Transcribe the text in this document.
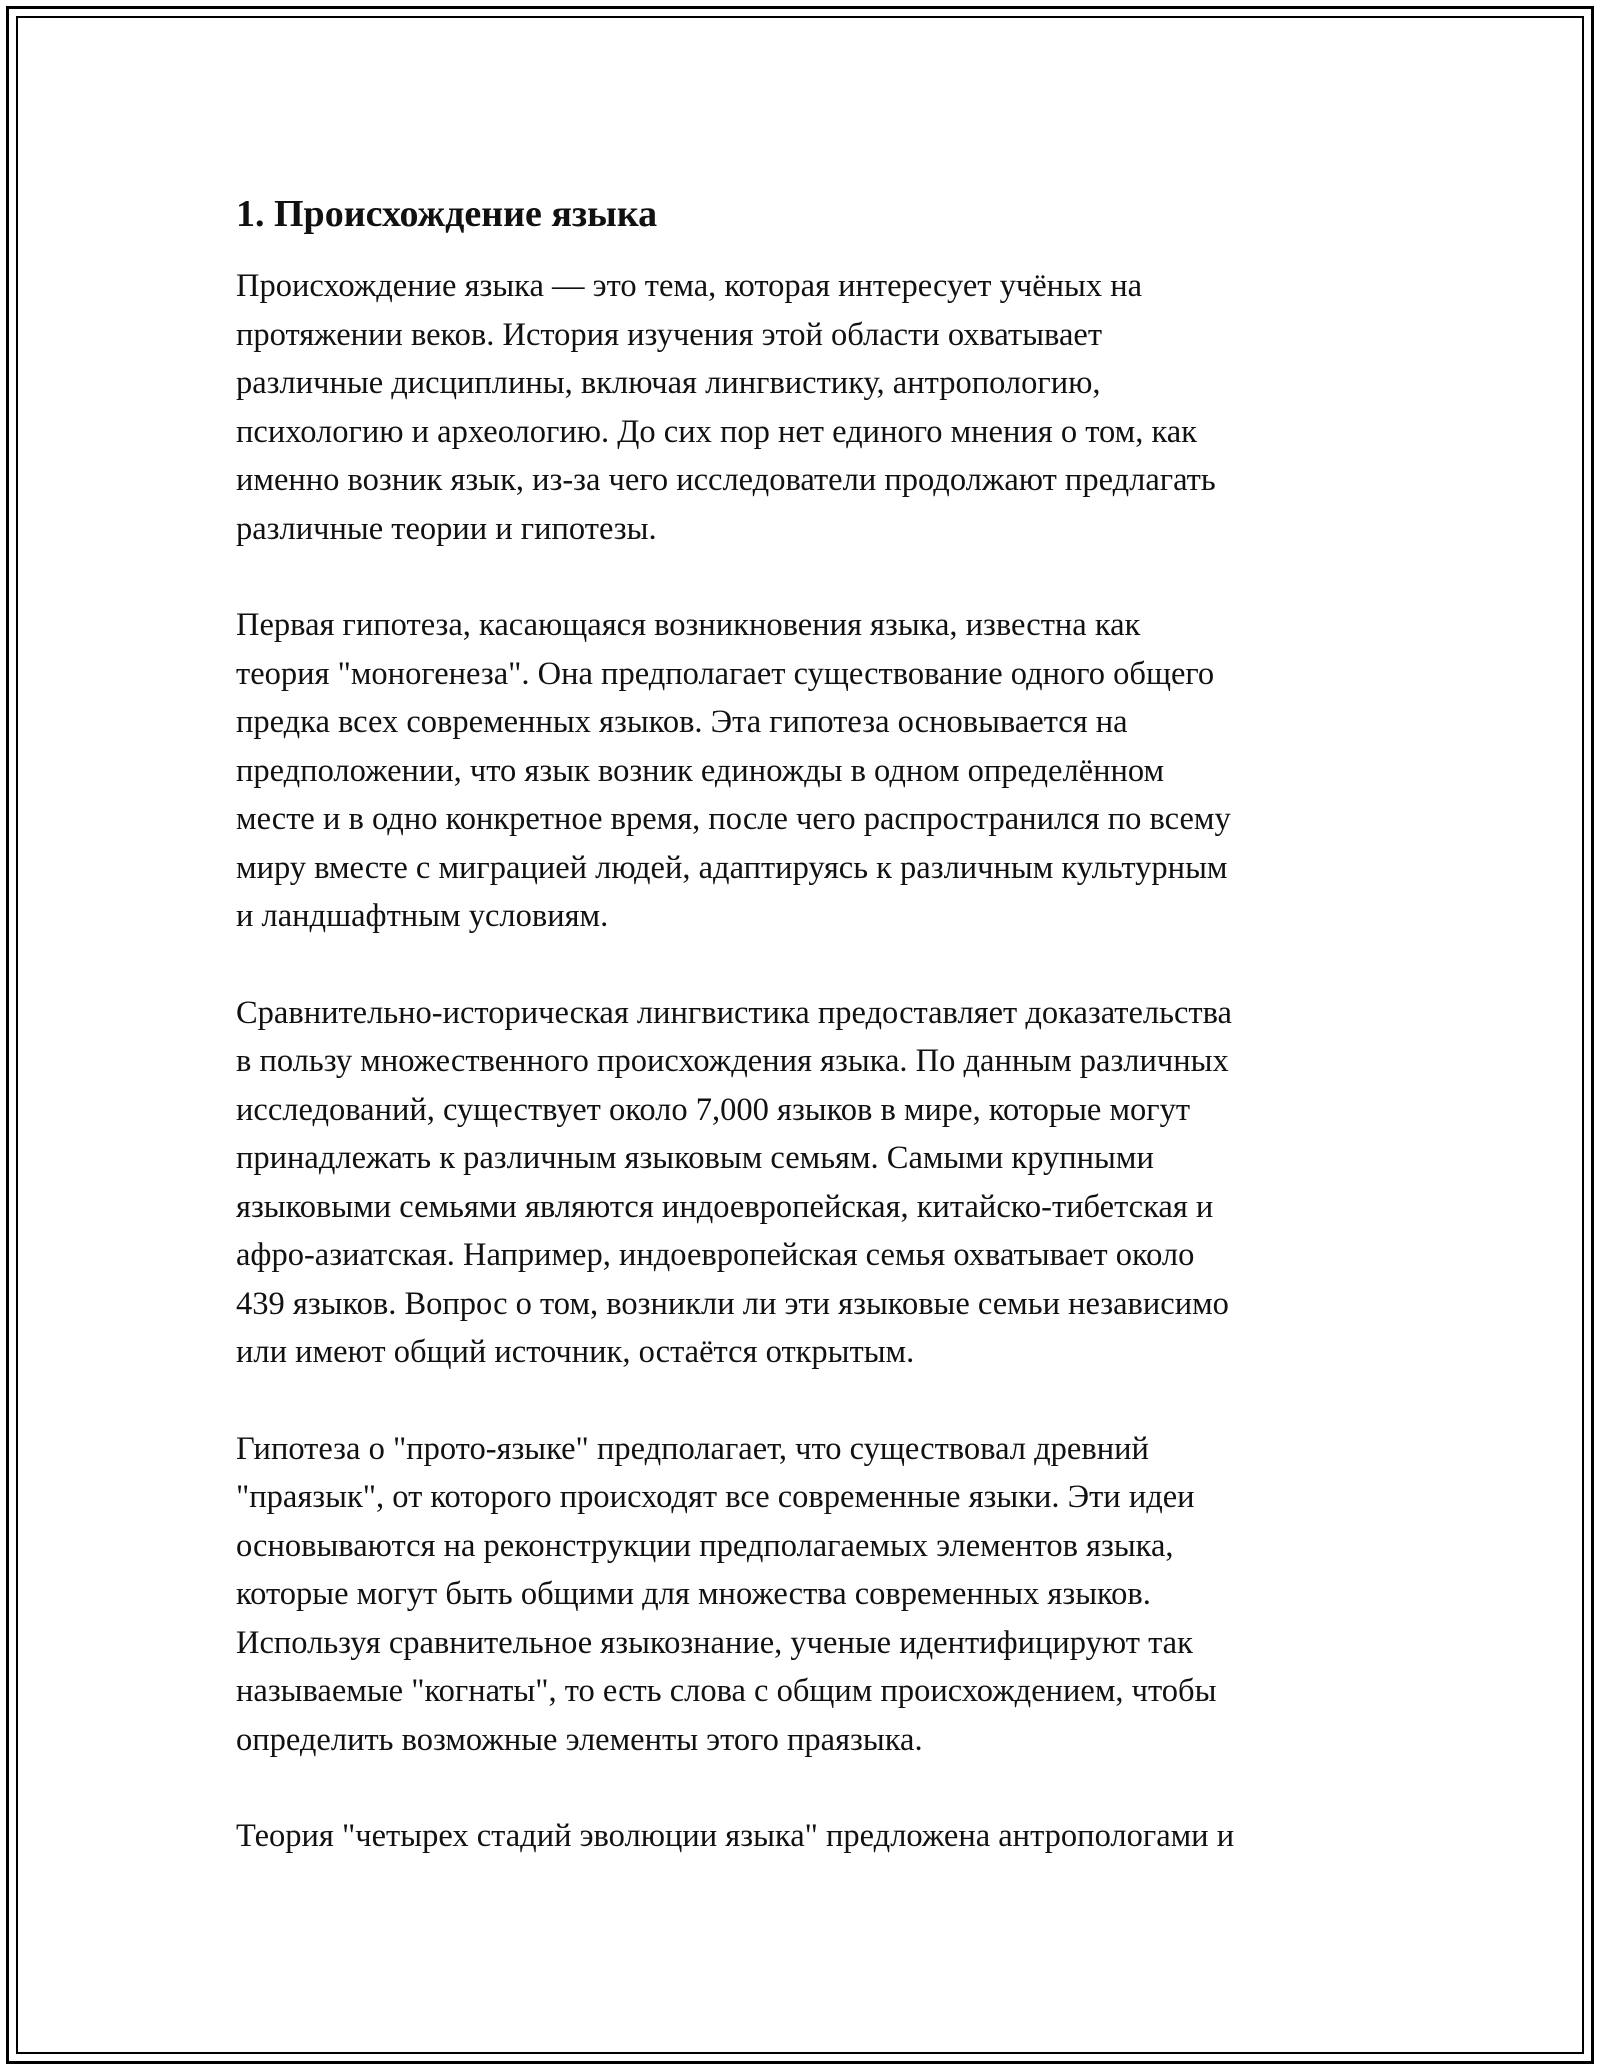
1. Происхождение языка

Происхождение языка — это тема, которая интересует учёных на
протяжении веков. История изучения этой области охватывает
различные дисциплины, включая лингвистику, антропологию,
психологию и археологию. До сих пор нет единого мнения о том, как
именно возник язык, из-за чего исследователи продолжают предлагать
различные теории и гипотезы.

Первая гипотеза, касающаяся возникновения языка, известна как
теория "моногенеза". Она предполагает существование одного общего
предка всех современных языков. Эта гипотеза основывается на
предположении, что язык возник единожды в одном определённом
месте и в одно конкретное время, после чего распространился по всему
миру вместе с миграцией людей, адаптируясь к различным культурным
и ландшафтным условиям.

Сравнительно-историческая лингвистика предоставляет доказательства
в пользу множественного происхождения языка. По данным различных
исследований, существует около 7,000 языков в мире, которые могут
принадлежать к различным языковым семьям. Самыми крупными
языковыми семьями являются индоевропейская, китайско-тибетская и
афро-азиатская. Например, индоевропейская семья охватывает около
439 языков. Вопрос о том, возникли ли эти языковые семьи независимо
или имеют общий источник, остаётся открытым.

Гипотеза о "прото-языке" предполагает, что существовал древний
"праязык", от которого происходят все современные языки. Эти идеи
основываются на реконструкции предполагаемых элементов языка,
которые могут быть общими для множества современных языков.
Используя сравнительное языкознание, ученые идентифицируют так
называемые "когнаты", то есть слова с общим происхождением, чтобы
определить возможные элементы этого праязыка.

Теория "четырех стадий эволюции языка" предложена антропологами и
